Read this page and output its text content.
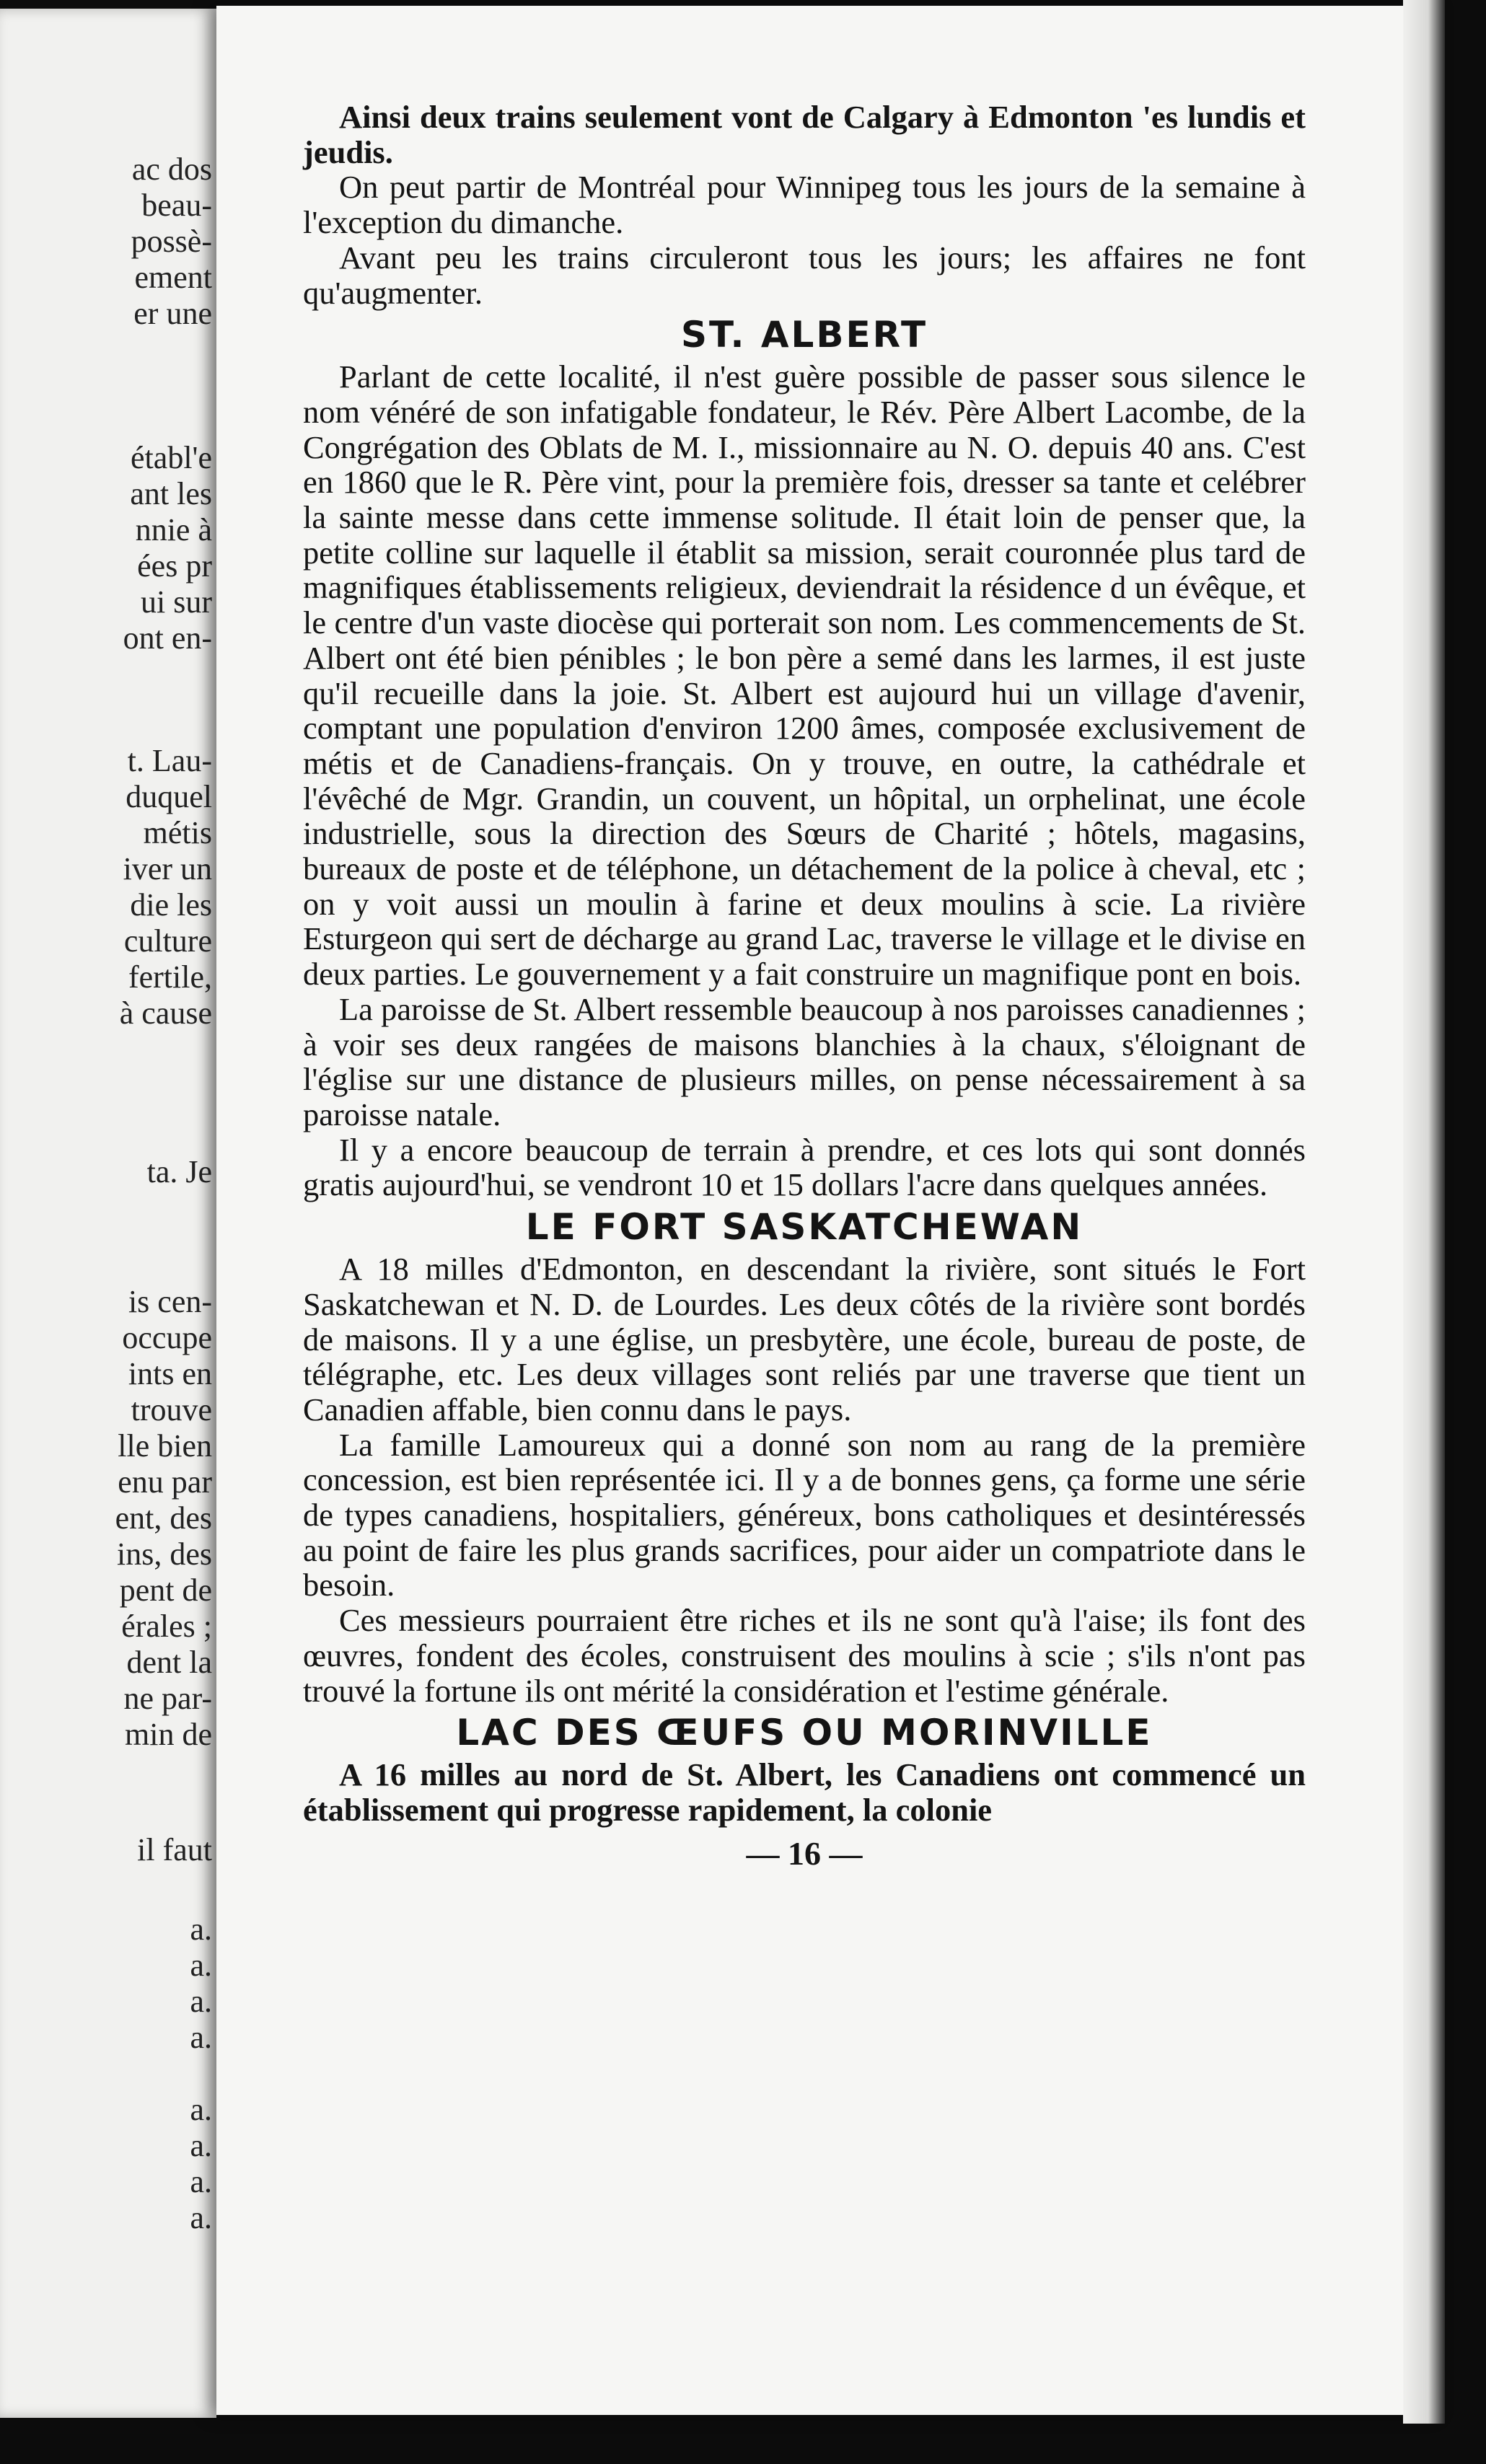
ac dos
beau-
possè-
ement
er une
établ'e
ant les
nnie à
ées pr
ui sur
ont en-
t. Lau-
duquel
métis
iver un
die les
culture
fertile,
à cause
ta. Je
is cen-
occupe
ints en
trouve
lle bien
enu par
ent, des
ins, des
pent de
érales ;
dent la
ne par-
min de
il faut
a.
a.
a.
a.
a.
a.
a.
a.

Ainsi deux trains seulement vont de Calgary à Edmonton 'es lundis et jeudis.

On peut partir de Montréal pour Winnipeg tous les jours de la semaine à l'exception du dimanche.

Avant peu les trains circuleront tous les jours; les affaires ne font qu'augmenter.

ST. ALBERT

Parlant de cette localité, il n'est guère possible de passer sous silence le nom vénéré de son infatigable fondateur, le Rév. Père Albert Lacombe, de la Congrégation des Oblats de M. I., missionnaire au N. O. depuis 40 ans. C'est en 1860 que le R. Père vint, pour la première fois, dresser sa tante et celébrer la sainte messe dans cette immense solitude. Il était loin de penser que, la petite colline sur laquelle il établit sa mission, serait couronnée plus tard de magnifiques établissements religieux, deviendrait la résidence d un évêque, et le centre d'un vaste diocèse qui porterait son nom. Les commencements de St. Albert ont été bien pénibles ; le bon père a semé dans les larmes, il est juste qu'il recueille dans la joie. St. Albert est aujourd hui un village d'avenir, comptant une population d'environ 1200 âmes, composée exclusivement de métis et de Canadiens-français. On y trouve, en outre, la cathédrale et l'évêché de Mgr. Grandin, un couvent, un hôpital, un orphelinat, une école industrielle, sous la direction des Sœurs de Charité ; hôtels, magasins, bureaux de poste et de téléphone, un détachement de la police à cheval, etc ; on y voit aussi un moulin à farine et deux moulins à scie. La rivière Esturgeon qui sert de décharge au grand Lac, traverse le village et le divise en deux parties. Le gouvernement y a fait construire un magnifique pont en bois.

La paroisse de St. Albert ressemble beaucoup à nos paroisses canadiennes ; à voir ses deux rangées de maisons blanchies à la chaux, s'éloignant de l'église sur une distance de plusieurs milles, on pense nécessairement à sa paroisse natale.

Il y a encore beaucoup de terrain à prendre, et ces lots qui sont donnés gratis aujourd'hui, se vendront 10 et 15 dollars l'acre dans quelques années.

LE FORT SASKATCHEWAN

A 18 milles d'Edmonton, en descendant la rivière, sont situés le Fort Saskatchewan et N. D. de Lourdes. Les deux côtés de la rivière sont bordés de maisons. Il y a une église, un presbytère, une école, bureau de poste, de télégraphe, etc. Les deux villages sont reliés par une traverse que tient un Canadien affable, bien connu dans le pays.

La famille Lamoureux qui a donné son nom au rang de la première concession, est bien représentée ici. Il y a de bonnes gens, ça forme une série de types canadiens, hospitaliers, généreux, bons catholiques et desintéressés au point de faire les plus grands sacrifices, pour aider un compatriote dans le besoin.

Ces messieurs pourraient être riches et ils ne sont qu'à l'aise; ils font des œuvres, fondent des écoles, construisent des moulins à scie ; s'ils n'ont pas trouvé la fortune ils ont mérité la considération et l'estime générale.

LAC DES ŒUFS OU MORINVILLE

A 16 milles au nord de St. Albert, les Canadiens ont commencé un établissement qui progresse rapidement, la colonie

— 16 —
